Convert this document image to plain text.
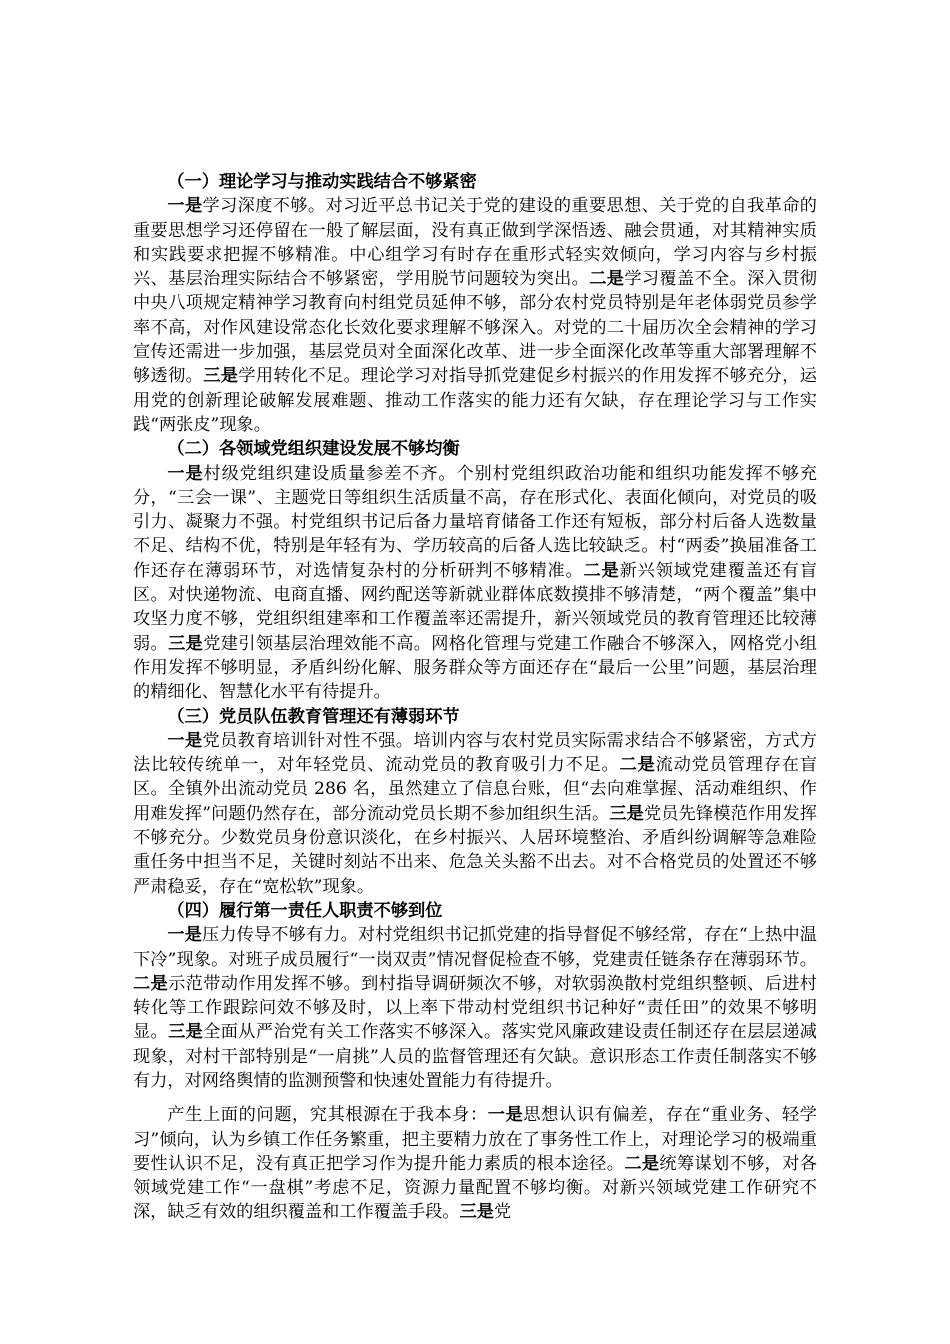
（一）理论学习与推动实践结合不够紧密

一是学习深度不够。对习近平总书记关于党的建设的重要思想、关于党的自我革命的重要思想学习还停留在一般了解层面，没有真正做到学深悟透、融会贯通，对其精神实质和实践要求把握不够精准。中心组学习有时存在重形式轻实效倾向，学习内容与乡村振兴、基层治理实际结合不够紧密，学用脱节问题较为突出。二是学习覆盖不全。深入贯彻中央八项规定精神学习教育向村组党员延伸不够，部分农村党员特别是年老体弱党员参学率不高，对作风建设常态化长效化要求理解不够深入。对党的二十届历次全会精神的学习宣传还需进一步加强，基层党员对全面深化改革、进一步全面深化改革等重大部署理解不够透彻。三是学用转化不足。理论学习对指导抓党建促乡村振兴的作用发挥不够充分，运用党的创新理论破解发展难题、推动工作落实的能力还有欠缺，存在理论学习与工作实践“两张皮”现象。

（二）各领域党组织建设发展不够均衡

一是村级党组织建设质量参差不齐。个别村党组织政治功能和组织功能发挥不够充分，“三会一课”、主题党日等组织生活质量不高，存在形式化、表面化倾向，对党员的吸引力、凝聚力不强。村党组织书记后备力量培育储备工作还有短板，部分村后备人选数量不足、结构不优，特别是年轻有为、学历较高的后备人选比较缺乏。村“两委”换届准备工作还存在薄弱环节，对选情复杂村的分析研判不够精准。二是新兴领域党建覆盖还有盲区。对快递物流、电商直播、网约配送等新就业群体底数摸排不够清楚，“两个覆盖”集中攻坚力度不够，党组织组建率和工作覆盖率还需提升，新兴领域党员的教育管理还比较薄弱。三是党建引领基层治理效能不高。网格化管理与党建工作融合不够深入，网格党小组作用发挥不够明显，矛盾纠纷化解、服务群众等方面还存在“最后一公里”问题，基层治理的精细化、智慧化水平有待提升。

（三）党员队伍教育管理还有薄弱环节

一是党员教育培训针对性不强。培训内容与农村党员实际需求结合不够紧密，方式方法比较传统单一，对年轻党员、流动党员的教育吸引力不足。二是流动党员管理存在盲区。全镇外出流动党员 286 名，虽然建立了信息台账，但“去向难掌握、活动难组织、作用难发挥”问题仍然存在，部分流动党员长期不参加组织生活。三是党员先锋模范作用发挥不够充分。少数党员身份意识淡化，在乡村振兴、人居环境整治、矛盾纠纷调解等急难险重任务中担当不足，关键时刻站不出来、危急关头豁不出去。对不合格党员的处置还不够严肃稳妥，存在“宽松软”现象。

（四）履行第一责任人职责不够到位

一是压力传导不够有力。对村党组织书记抓党建的指导督促不够经常，存在“上热中温下冷”现象。对班子成员履行“一岗双责”情况督促检查不够，党建责任链条存在薄弱环节。二是示范带动作用发挥不够。到村指导调研频次不够，对软弱涣散村党组织整顿、后进村转化等工作跟踪问效不够及时，以上率下带动村党组织书记种好“责任田”的效果不够明显。三是全面从严治党有关工作落实不够深入。落实党风廉政建设责任制还存在层层递减现象，对村干部特别是“一肩挑”人员的监督管理还有欠缺。意识形态工作责任制落实不够有力，对网络舆情的监测预警和快速处置能力有待提升。

产生上面的问题，究其根源在于我本身：一是思想认识有偏差，存在“重业务、轻学习”倾向，认为乡镇工作任务繁重，把主要精力放在了事务性工作上，对理论学习的极端重要性认识不足，没有真正把学习作为提升能力素质的根本途径。二是统筹谋划不够，对各领域党建工作“一盘棋”考虑不足，资源力量配置不够均衡。对新兴领域党建工作研究不深，缺乏有效的组织覆盖和工作覆盖手段。三是党
